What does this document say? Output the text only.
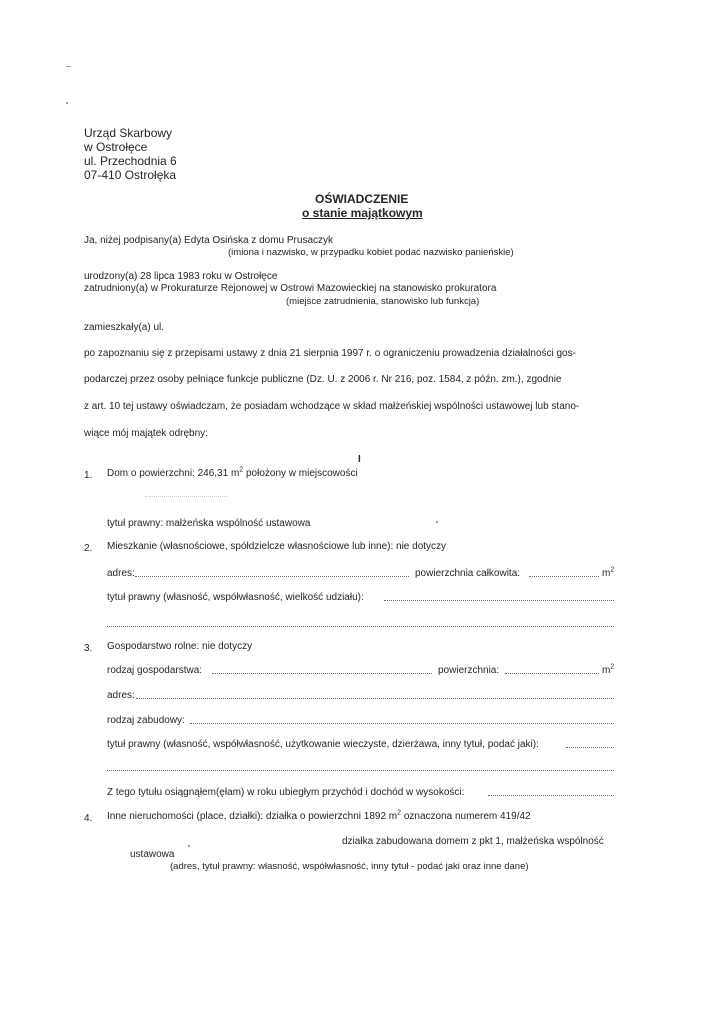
Urząd Skarbowy
w Ostrołęce
ul. Przechodnia 6
07-410 Ostrołęka
OŚWIADCZENIE
o stanie majątkowym
Ja, niżej podpisany(a) Edyta Osińska z domu Prusaczyk
(imiona i nazwisko, w przypadku kobiet podać nazwisko panieńskie)
urodzony(a) 28 lipca 1983 roku w Ostrołęce
zatrudniony(a) w Prokuraturze Rejonowej w Ostrowi Mazowieckiej na stanowisko prokuratora
(miejsce zatrudnienia, stanowisko lub funkcja)
zamieszkały(a) ul.
po zapoznaniu się z przepisami ustawy z dnia 21 sierpnia 1997 r. o ograniczeniu prowadzenia działalności gos-
podarczej przez osoby pełniące funkcje publiczne (Dz. U. z 2006 r. Nr 216, poz. 1584, z późn. zm.), zgodnie
z art. 10 tej ustawy oświadczam, że posiadam wchodzące w skład małżeńskiej wspólności ustawowej lub stano-
wiące mój majątek odrębny:
I
1. Dom o powierzchni: 246,31 $m^2$ położony w miejscowości
tytuł prawny: małżeńska wspólność ustawowa
2. Mieszkanie (własnościowe, spółdzielcze własnościowe lub inne): nie dotyczy
adres:	powierzchnia całkowita:	$m^2$
tytuł prawny (własność, współwłasność, wielkość udziału):
3. Gospodarstwo rolne: nie dotyczy
rodzaj gospodarstwa:	powierzchnia:	$m^2$
adres:
rodzaj zabudowy:
tytuł prawny (własność, współwłasność, użytkowanie wieczyste, dzierżawa, inny tytuł, podać jaki):
Z tego tytułu osiągnąłem(ęłam) w roku ubiegłym przychód i dochód w wysokości:
4. Inne nieruchomości (place, działki): działka o powierzchni 1892 $m^2$ oznaczona numerem 419/42
działka zabudowana domem z pkt 1, małżeńska wspólność
ustawowa
(adres, tytuł prawny: własność, współwłasność, inny tytuł - podać jaki oraz inne dane)
